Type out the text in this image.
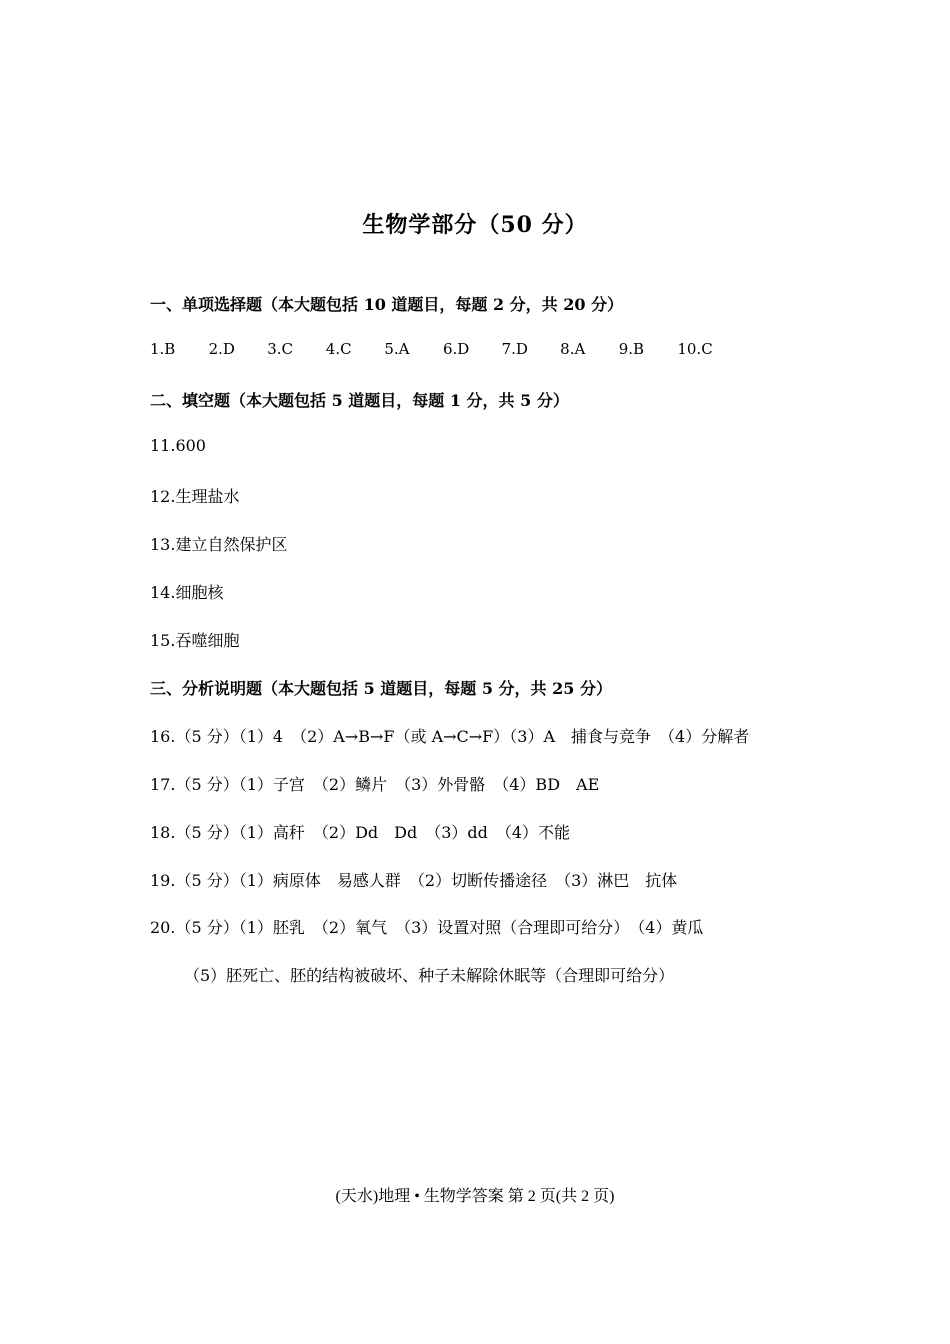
生物学部分（50 分）

一、单项选择题（本大题包括 10 道题目，每题 2 分，共 20 分）

1.B	2.D	3.C	4.C	5.A	6.D	7.D	8.A	9.B	10.C

二、填空题（本大题包括 5 道题目，每题 1 分，共 5 分）

11.600

12.生理盐水

13.建立自然保护区

14.细胞核

15.吞噬细胞

三、分析说明题（本大题包括 5 道题目，每题 5 分，共 25 分）

16.（5 分）（1）4　（2）A→B→F（或 A→C→F）（3）A　捕食与竞争　（4）分解者

17.（5 分）（1）子宫　（2）鳞片　（3）外骨骼　（4）BD　AE

18.（5 分）（1）高秆　（2）Dd　Dd　（3）dd　（4）不能

19.（5 分）（1）病原体　易感人群　（2）切断传播途径　（3）淋巴　抗体

20.（5 分）（1）胚乳　（2）氧气　（3）设置对照（合理即可给分）　（4）黄瓜

（5）胚死亡、胚的结构被破坏、种子未解除休眠等（合理即可给分）

(天水)地理 • 生物学答案 第 2 页(共 2 页)
